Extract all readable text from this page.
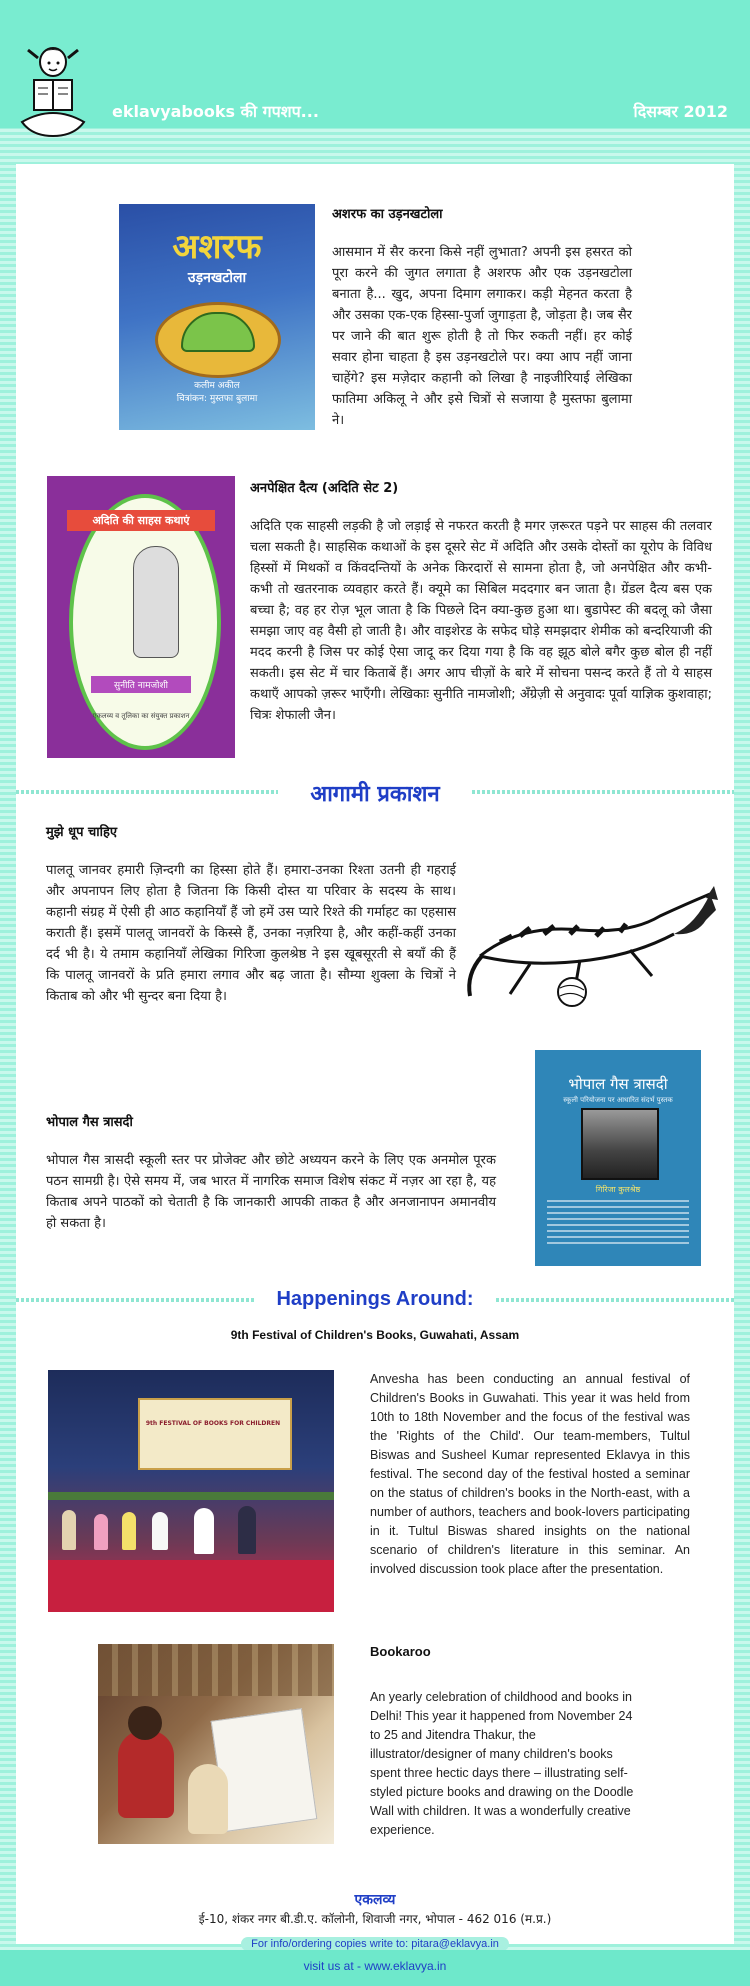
eklavyabooks की गपशप...	दिसम्बर 2012
अशरफ
उड़नखटोला
कलीम अकील
चित्रांकन: मुस्तफा बुलामा
अशरफ का उड़नखटोला
आसमान में सैर करना किसे नहीं लुभाता? अपनी इस हसरत को पूरा करने की जुगत लगाता है अशरफ और एक उड़नखटोला बनाता है... खुद, अपना दिमाग लगाकर। कड़ी मेहनत करता है और उसका एक-एक हिस्सा-पुर्जा जुगाड़ता है, जोड़ता है। जब सैर पर जाने की बात शुरू होती है तो फिर रुकती नहीं। हर कोई सवार होना चाहता है इस उड़नखटोले पर। क्या आप नहीं जाना चाहेंगे? इस मज़ेदार कहानी को लिखा है नाइजीरियाई लेखिका फातिमा अकिलू ने और इसे चित्रों से सजाया है मुस्तफा बुलामा ने।
अदिति की साहस कथाएं
सुनीति नामजोशी
एकलव्य व तूलिका का संयुक्त प्रकाशन
अनपेक्षित दैत्य (अदिति सेट 2)
अदिति एक साहसी लड़की है जो लड़ाई से नफरत करती है मगर ज़रूरत पड़ने पर साहस की तलवार चला सकती है। साहसिक कथाओं के इस दूसरे सेट में अदिति और उसके दोस्तों का यूरोप के विविध हिस्सों में मिथकों व किंवदन्तियों के अनेक किरदारों से सामना होता है, जो अनपेक्षित और कभी-कभी तो खतरनाक व्यवहार करते हैं। क्यूमे का सिबिल मददगार बन जाता है। ग्रेंडल दैत्य बस एक बच्चा है; वह हर रोज़ भूल जाता है कि पिछले दिन क्या-कुछ हुआ था। बुडापेस्ट की बदलू को जैसा समझा जाए वह वैसी हो जाती है। और वाइशेरड के सफेद घोड़े समझदार शेमीक को बन्दरियाजी की मदद करनी है जिस पर कोई ऐसा जादू कर दिया गया है कि वह झूठ बोले बगैर कुछ बोल ही नहीं सकती। इस सेट में चार किताबें हैं। अगर आप चीज़ों के बारे में सोचना पसन्द करते हैं तो ये साहस कथाएँ आपको ज़रूर भाएँगी। लेखिकाः सुनीति नामजोशी; अँग्रेज़ी से अनुवादः पूर्वा याज्ञिक कुशवाहा; चित्रः शेफाली जैन।
आगामी प्रकाशन
मुझे धूप चाहिए
पालतू जानवर हमारी ज़िन्दगी का हिस्सा होते हैं। हमारा-उनका रिश्ता उतनी ही गहराई और अपनापन लिए होता है जितना कि किसी दोस्त या परिवार के सदस्य के साथ। कहानी संग्रह में ऐसी ही आठ कहानियाँ हैं जो हमें उस प्यारे रिश्ते की गर्माहट का एहसास कराती हैं। इसमें पालतू जानवरों के किस्से हैं, उनका नज़रिया है, और कहीं-कहीं उनका दर्द भी है। ये तमाम कहानियाँ लेखिका गिरिजा कुलश्रेष्ठ ने इस खूबसूरती से बयाँ की हैं कि पालतू जानवरों के प्रति हमारा लगाव और बढ़ जाता है। सौम्या शुक्ला के चित्रों ने किताब को और भी सुन्दर बना दिया है।
भोपाल गैस त्रासदी
स्कूली परियोजना पर आधारित संदर्भ पुस्तक
गिरिजा कुलश्रेष्ठ
भोपाल गैस त्रासदी
भोपाल गैस त्रासदी स्कूली स्तर पर प्रोजेक्ट और छोटे अध्ययन करने के लिए एक अनमोल पूरक पठन सामग्री है। ऐसे समय में, जब भारत में नागरिक समाज विशेष संकट में नज़र आ रहा है, यह किताब अपने पाठकों को चेताती है कि जानकारी आपकी ताकत है और अनजानापन अमानवीय हो सकता है।
Happenings Around:
9th Festival of Children's Books, Guwahati, Assam
9th FESTIVAL OF BOOKS FOR CHILDREN
Anvesha has been conducting an annual festival of Children's Books in Guwahati. This year it was held from 10th to 18th November and the focus of the festival was the 'Rights of the Child'. Our team-members, Tultul Biswas and Susheel Kumar represented Eklavya in this festival. The second day of the festival hosted a seminar on the status of children's books in the North-east, with a number of authors, teachers and book-lovers participating in it. Tultul Biswas shared insights on the national scenario of children's literature in this seminar. An involved discussion took place after the presentation.
Bookaroo
An yearly celebration of childhood and books in Delhi! This year it happened from November 24 to 25 and Jitendra Thakur, the illustrator/designer of many children's books spent three hectic days there – illustrating self-styled picture books and drawing on the Doodle Wall with children. It was a wonderfully creative experience.
एकलव्य
ई-10, शंकर नगर बी.डी.ए. कॉलोनी, शिवाजी नगर, भोपाल - 462 016 (म.प्र.)
For info/ordering copies write to: pitara@eklavya.in
visit us at - www.eklavya.in
